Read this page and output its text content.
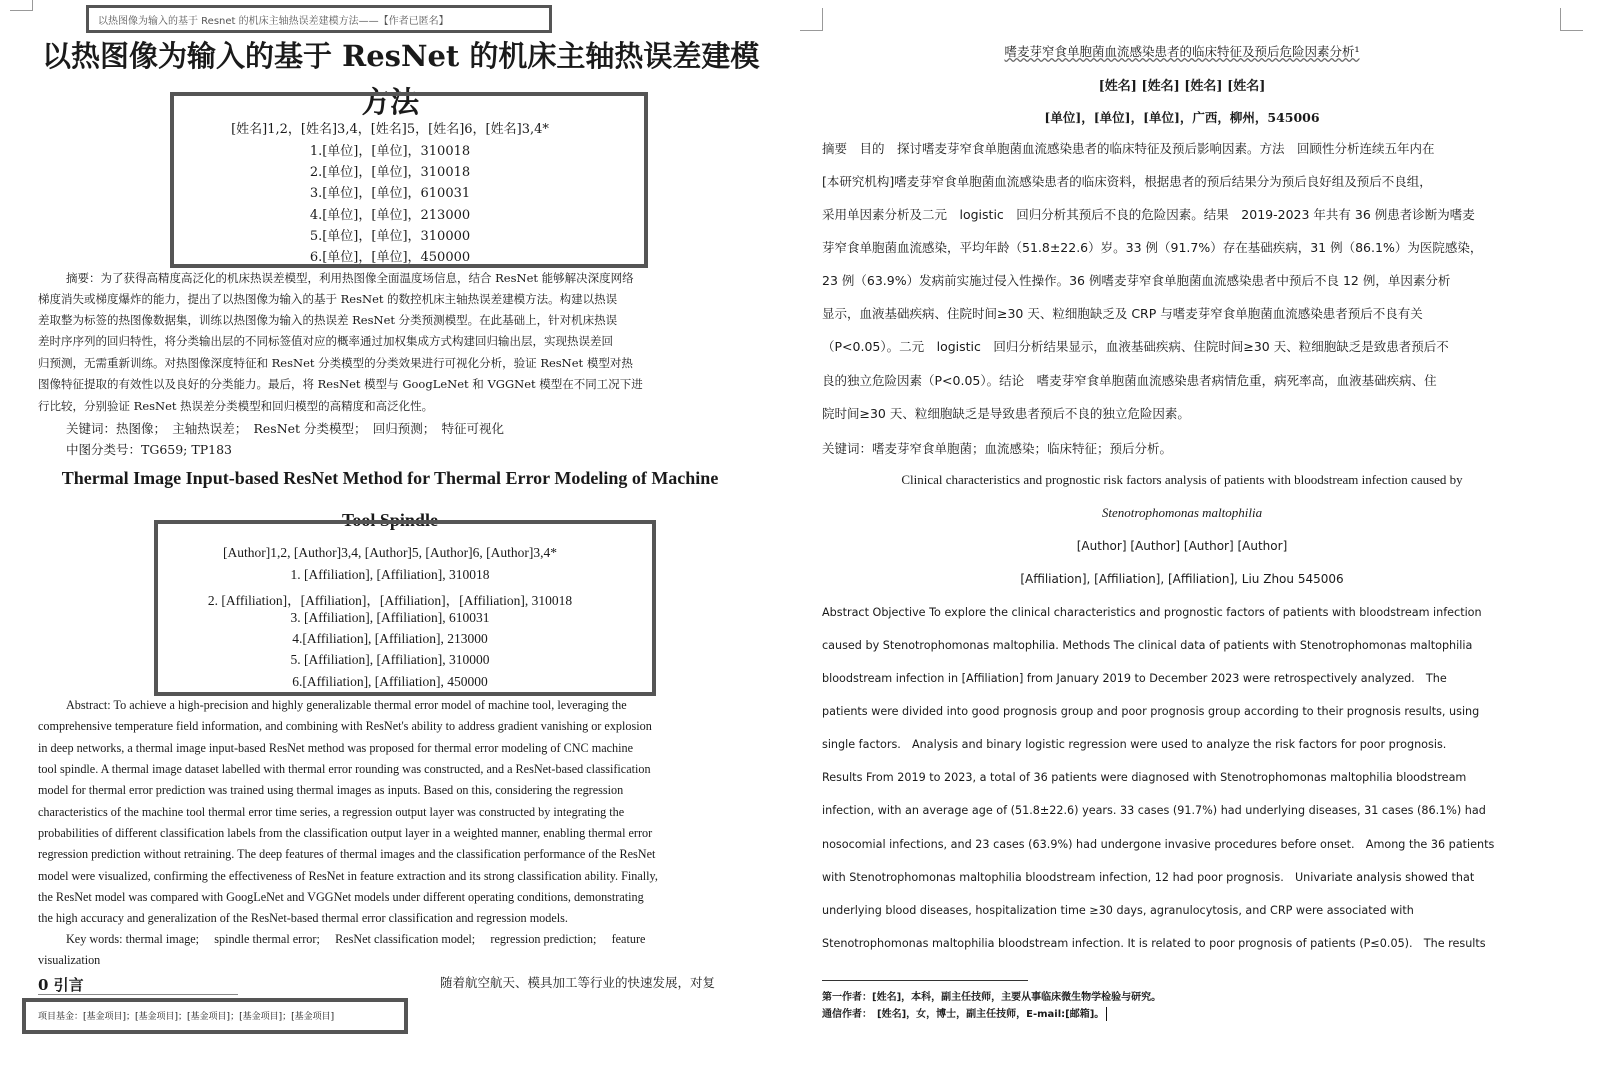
以热图像为输入的基于 Resnet 的机床主轴热误差建模方法——【作者已匿名】
以热图像为输入的基于 ResNet 的机床主轴热误差建模
方法
[姓名]1,2，[姓名]3,4，[姓名]5，[姓名]6，[姓名]3,4*
1.[单位]，[单位]，310018
2.[单位]，[单位]，310018
3.[单位]，[单位]，610031
4.[单位]，[单位]，213000
5.[单位]，[单位]，310000
6.[单位]，[单位]，450000
摘要：为了获得高精度高泛化的机床热误差模型，利用热图像全面温度场信息，结合 ResNet 能够解决深度网络
梯度消失或梯度爆炸的能力，提出了以热图像为输入的基于 ResNet 的数控机床主轴热误差建模方法。构建以热误
差取整为标签的热图像数据集，训练以热图像为输入的热误差 ResNet 分类预测模型。在此基础上，针对机床热误
差时序序列的回归特性，将分类输出层的不同标签值对应的概率通过加权集成方式构建回归输出层，实现热误差回
归预测，无需重新训练。对热图像深度特征和 ResNet 分类模型的分类效果进行可视化分析，验证 ResNet 模型对热
图像特征提取的有效性以及良好的分类能力。最后，将 ResNet 模型与 GoogLeNet 和 VGGNet 模型在不同工况下进
行比较，分别验证 ResNet 热误差分类模型和回归模型的高精度和高泛化性。
关键词：热图像；　主轴热误差；　ResNet 分类模型；　回归预测；　特征可视化
中图分类号：TG659; TP183
Thermal Image Input-based ResNet Method for Thermal Error Modeling of Machine
Tool Spindle
[Author]1,2, [Author]3,4, [Author]5, [Author]6, [Author]3,4*
1. [Affiliation], [Affiliation], 310018
2. [Affiliation]，[Affiliation]，[Affiliation]，[Affiliation], 310018
3. [Affiliation], [Affiliation], 610031
4.[Affiliation], [Affiliation], 213000
5. [Affiliation], [Affiliation], 310000
6.[Affiliation], [Affiliation], 450000
Abstract: To achieve a high-precision and highly generalizable thermal error model of machine tool, leveraging the
comprehensive temperature field information, and combining with ResNet's ability to address gradient vanishing or explosion
in deep networks, a thermal image input-based ResNet method was proposed for thermal error modeling of CNC machine
tool spindle. A thermal image dataset labelled with thermal error rounding was constructed, and a ResNet-based classification
model for thermal error prediction was trained using thermal images as inputs. Based on this, considering the regression
characteristics of the machine tool thermal error time series, a regression output layer was constructed by integrating the
probabilities of different classification labels from the classification output layer in a weighted manner, enabling thermal error
regression prediction without retraining. The deep features of thermal images and the classification performance of the ResNet
model were visualized, confirming the effectiveness of ResNet in feature extraction and its strong classification ability. Finally,
the ResNet model was compared with GoogLeNet and VGGNet models under different operating conditions, demonstrating
the high accuracy and generalization of the ResNet-based thermal error classification and regression models.
Key words: thermal image;　 spindle thermal error;　 ResNet classification model;　 regression prediction;　 feature
visualization
0 引言	随着航空航天、模具加工等行业的快速发展，对复
项目基金：[基金项目]；[基金项目]；[基金项目]；[基金项目]；[基金项目]
嗜麦芽窄食单胞菌血流感染患者的临床特征及预后危险因素分析¹
[姓名] [姓名] [姓名] [姓名]
[单位]，[单位]，[单位]，广西，柳州，545006
摘要　目的　探讨嗜麦芽窄食单胞菌血流感染患者的临床特征及预后影响因素。方法　回顾性分析连续五年内在
[本研究机构]嗜麦芽窄食单胞菌血流感染患者的临床资料，根据患者的预后结果分为预后良好组及预后不良组，
采用单因素分析及二元　logistic　回归分析其预后不良的危险因素。结果　2019-2023 年共有 36 例患者诊断为嗜麦
芽窄食单胞菌血流感染，平均年龄（51.8±22.6）岁。33 例（91.7%）存在基础疾病，31 例（86.1%）为医院感染，
23 例（63.9%）发病前实施过侵入性操作。36 例嗜麦芽窄食单胞菌血流感染患者中预后不良 12 例，单因素分析
显示，血液基础疾病、住院时间≥30 天、粒细胞缺乏及 CRP 与嗜麦芽窄食单胞菌血流感染患者预后不良有关
（P<0.05）。二元　logistic　回归分析结果显示，血液基础疾病、住院时间≥30 天、粒细胞缺乏是致患者预后不
良的独立危险因素（P<0.05）。结论　嗜麦芽窄食单胞菌血流感染患者病情危重，病死率高，血液基础疾病、住
院时间≥30 天、粒细胞缺乏是导致患者预后不良的独立危险因素。
关键词：嗜麦芽窄食单胞菌；血流感染；临床特征；预后分析。
Clinical characteristics and prognostic risk factors analysis of patients with bloodstream infection caused by
Stenotrophomonas maltophilia
[Author] [Author] [Author] [Author]
[Affiliation], [Affiliation], [Affiliation], Liu Zhou 545006
Abstract Objective To explore the clinical characteristics and prognostic factors of patients with bloodstream infection
caused by Stenotrophomonas maltophilia. Methods The clinical data of patients with Stenotrophomonas maltophilia
bloodstream infection in [Affiliation] from January 2019 to December 2023 were retrospectively analyzed.　The
patients were divided into good prognosis group and poor prognosis group according to their prognosis results, using
single factors.　Analysis and binary logistic regression were used to analyze the risk factors for poor prognosis.
Results From 2019 to 2023, a total of 36 patients were diagnosed with Stenotrophomonas maltophilia bloodstream
infection, with an average age of (51.8±22.6) years. 33 cases (91.7%) had underlying diseases, 31 cases (86.1%) had
nosocomial infections, and 23 cases (63.9%) had undergone invasive procedures before onset.　Among the 36 patients
with Stenotrophomonas maltophilia bloodstream infection, 12 had poor prognosis.　Univariate analysis showed that
underlying blood diseases, hospitalization time ≥30 days, agranulocytosis, and CRP were associated with
Stenotrophomonas maltophilia bloodstream infection. It is related to poor prognosis of patients (P≤0.05).　The results
第一作者：[姓名]，本科，副主任技师，主要从事临床微生物学检验与研究。
通信作者：　[姓名]，女，博士，副主任技师，E-mail:[邮箱]。
